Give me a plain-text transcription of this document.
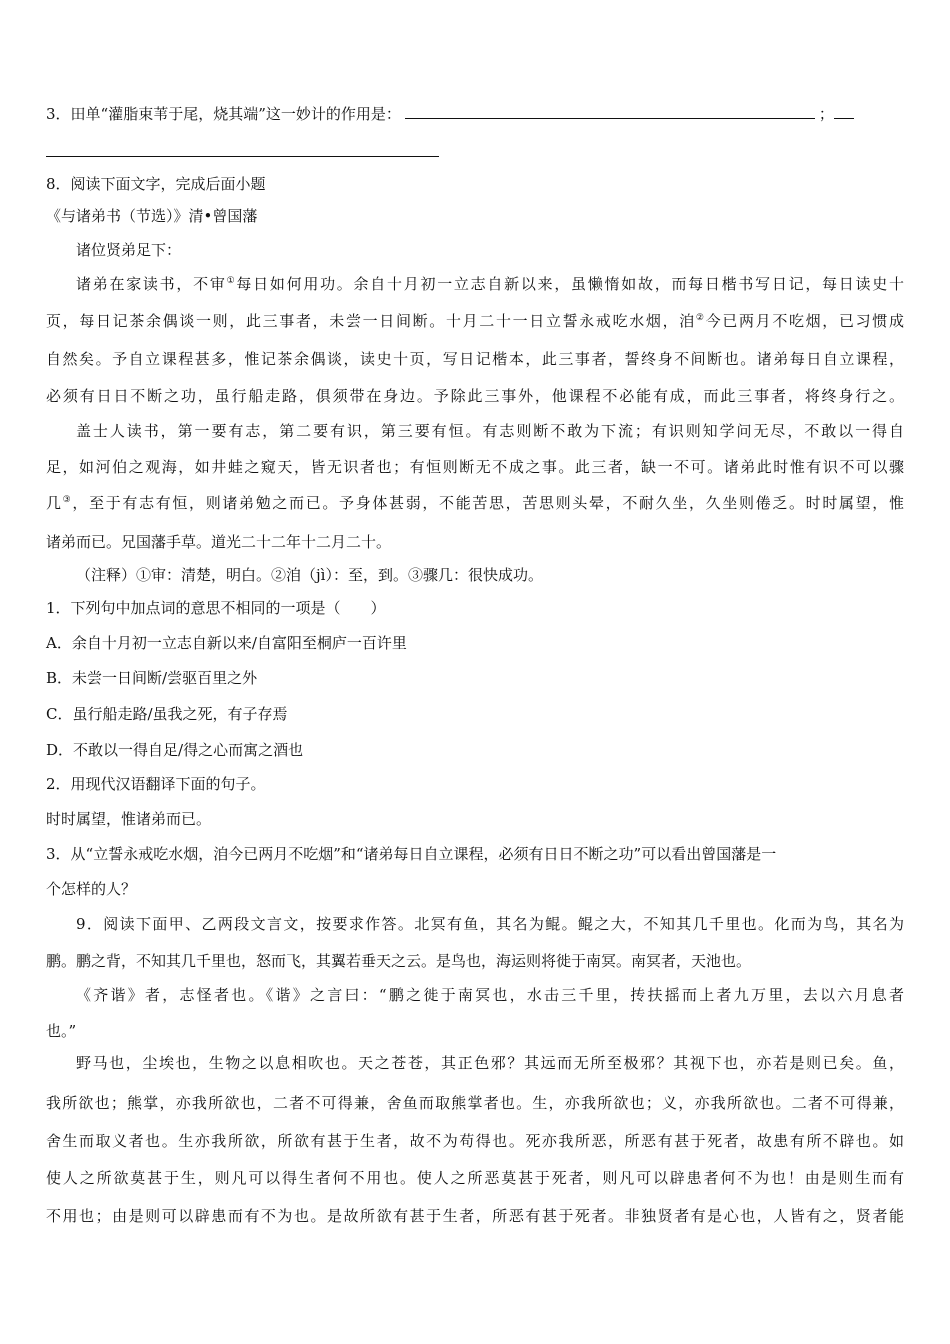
3．田单“灌脂束苇于尾，烧其端”这一妙计的作用是：	；
8．阅读下面文字，完成后面小题
《与诸弟书（节选）》清•曾国藩
诸位贤弟足下：
诸弟在家读书，不审①每日如何用功。余自十月初一立志自新以来，虽懒惰如故，而每日楷书写日记，每日读史十
页，每日记茶余偶谈一则，此三事者，未尝一日间断。十月二十一日立誓永戒吃水烟，洎②今已两月不吃烟，已习惯成
自然矣。予自立课程甚多，惟记茶余偶谈，读史十页，写日记楷本，此三事者，誓终身不间断也。诸弟每日自立课程，
必须有日日不断之功，虽行船走路，俱须带在身边。予除此三事外，他课程不必能有成，而此三事者，将终身行之。
盖士人读书，第一要有志，第二要有识，第三要有恒。有志则断不敢为下流；有识则知学问无尽，不敢以一得自
足，如河伯之观海，如井蛙之窥天，皆无识者也；有恒则断无不成之事。此三者，缺一不可。诸弟此时惟有识不可以骤
几③，至于有志有恒，则诸弟勉之而已。予身体甚弱，不能苦思，苦思则头晕，不耐久坐，久坐则倦乏。时时属望，惟
诸弟而已。兄国藩手草。道光二十二年十二月二十。
（注释）①审：清楚，明白。②洎（jì）：至，到。③骤几：很快成功。
1．下列句中加点词的意思不相同的一项是（　　）
A．余自十月初一立志自新以来/自富阳至桐庐一百许里
B．未尝一日间断/尝驱百里之外
C．虽行船走路/虽我之死，有子存焉
D．不敢以一得自足/得之心而寓之酒也
2．用现代汉语翻译下面的句子。
时时属望，惟诸弟而已。
3．从“立誓永戒吃水烟，洎今已两月不吃烟”和“诸弟每日自立课程，必须有日日不断之功”可以看出曾国藩是一
个怎样的人？
9．阅读下面甲、乙两段文言文，按要求作答。北冥有鱼，其名为鲲。鲲之大，不知其几千里也。化而为鸟，其名为
鹏。鹏之背，不知其几千里也，怒而飞，其翼若垂天之云。是鸟也，海运则将徙于南冥。南冥者，天池也。
《齐谐》者，志怪者也。《谐》之言曰：“鹏之徙于南冥也，水击三千里，抟扶摇而上者九万里，去以六月息者
也。”
野马也，尘埃也，生物之以息相吹也。天之苍苍，其正色邪？其远而无所至极邪？其视下也，亦若是则已矣。鱼，
我所欲也；熊掌，亦我所欲也，二者不可得兼，舍鱼而取熊掌者也。生，亦我所欲也；义，亦我所欲也。二者不可得兼，
舍生而取义者也。生亦我所欲，所欲有甚于生者，故不为苟得也。死亦我所恶，所恶有甚于死者，故患有所不辟也。如
使人之所欲莫甚于生，则凡可以得生者何不用也。使人之所恶莫甚于死者，则凡可以辟患者何不为也！由是则生而有
不用也；由是则可以辟患而有不为也。是故所欲有甚于生者，所恶有甚于死者。非独贤者有是心也，人皆有之，贤者能
